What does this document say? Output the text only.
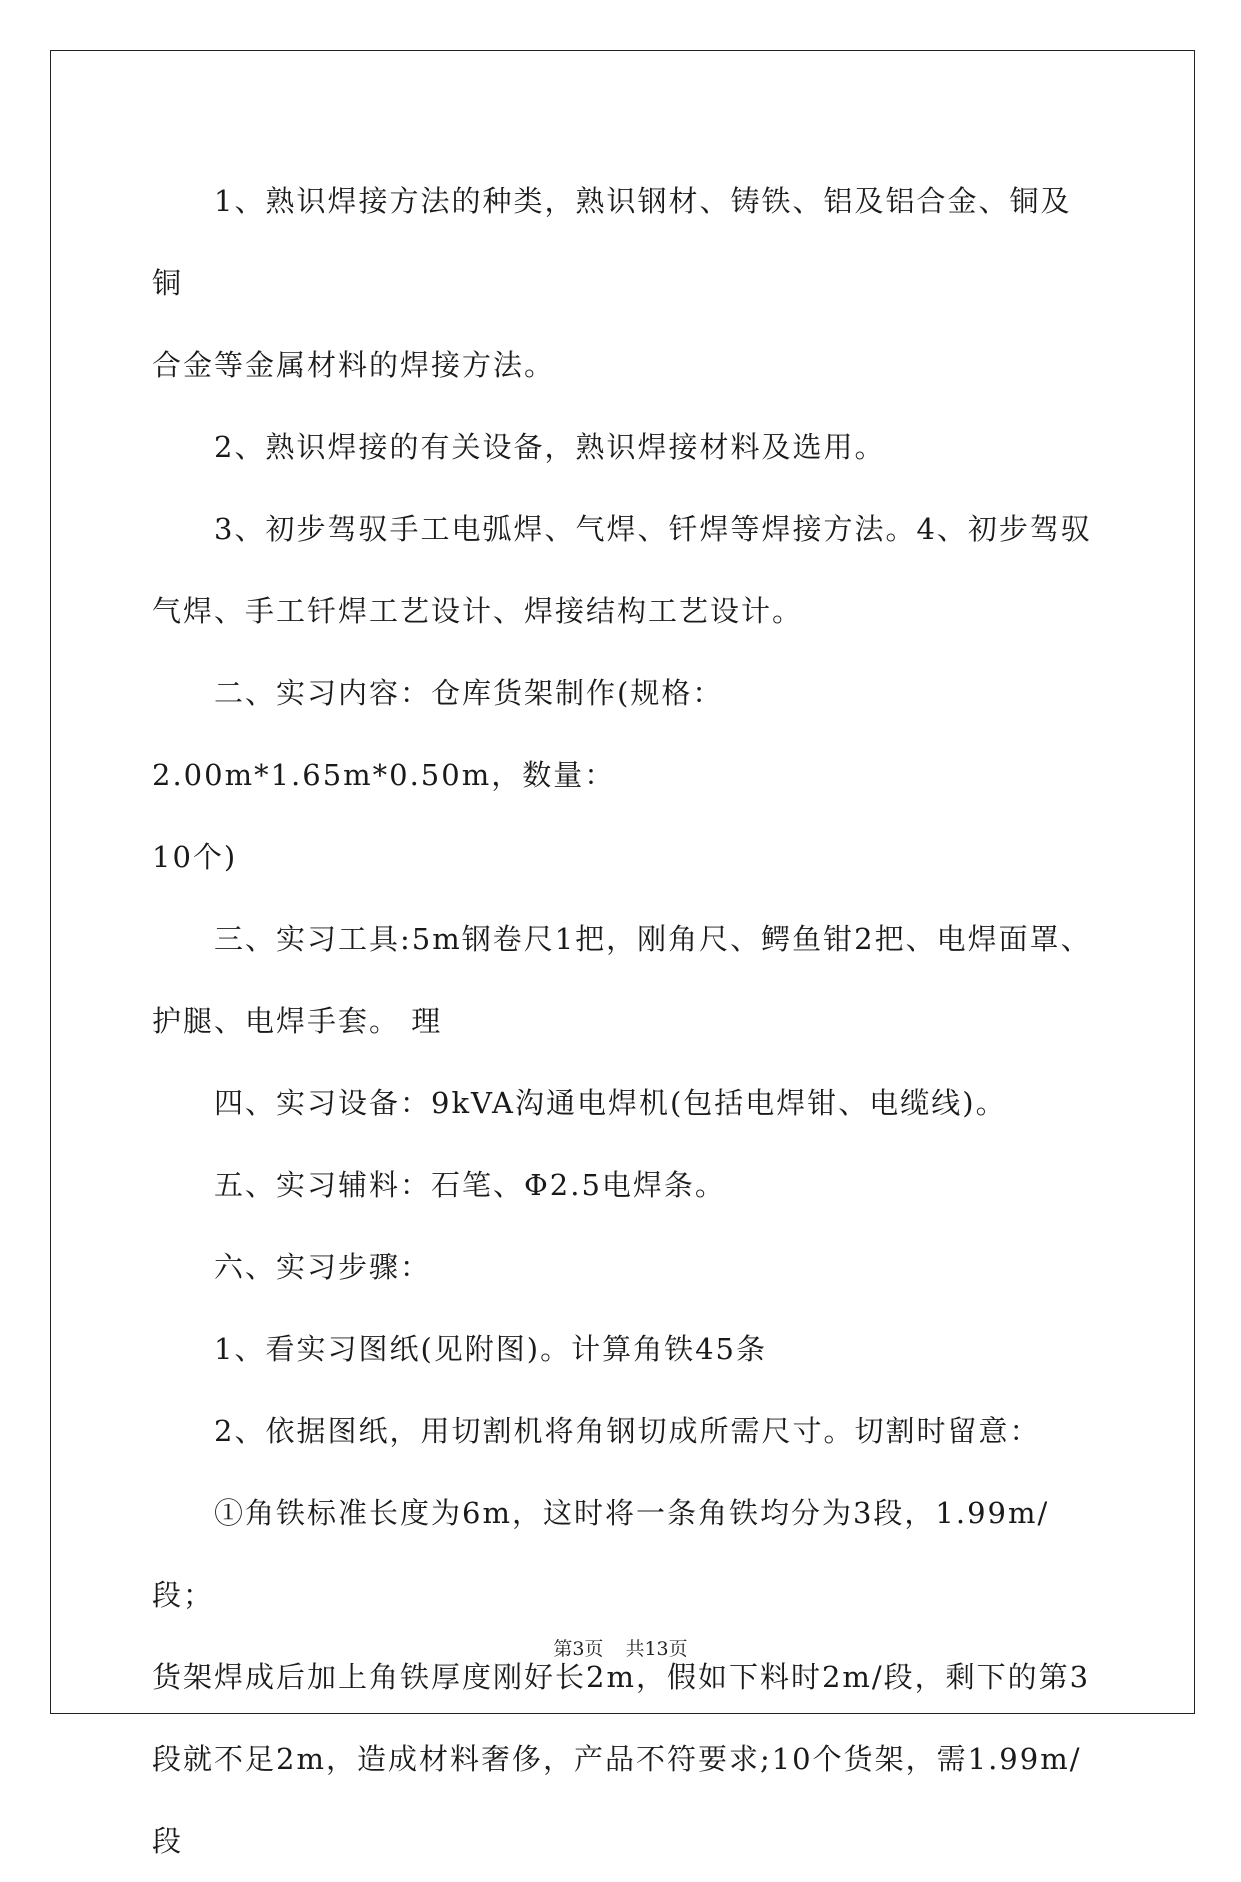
1、熟识焊接方法的种类，熟识钢材、铸铁、铝及铝合金、铜及铜

合金等金属材料的焊接方法。

2、熟识焊接的有关设备，熟识焊接材料及选用。

3、初步驾驭手工电弧焊、气焊、钎焊等焊接方法。4、初步驾驭

气焊、手工钎焊工艺设计、焊接结构工艺设计。

二、实习内容：仓库货架制作(规格：2.00m*1.65m*0.50m，数量：

10个)

三、实习工具:5m钢卷尺1把，刚角尺、鳄鱼钳2把、电焊面罩、

护腿、电焊手套。 理

四、实习设备：9kVA沟通电焊机(包括电焊钳、电缆线)。

五、实习辅料：石笔、Φ2.5电焊条。

六、实习步骤：

1、看实习图纸(见附图)。计算角铁45条

2、依据图纸，用切割机将角钢切成所需尺寸。切割时留意：

①角铁标准长度为6m，这时将一条角铁均分为3段，1.99m/段；

货架焊成后加上角铁厚度刚好长2m，假如下料时2m/段，剩下的第3

段就不足2m，造成材料奢侈，产品不符要求;10个货架，需1.99m/段

第3页 共13页
